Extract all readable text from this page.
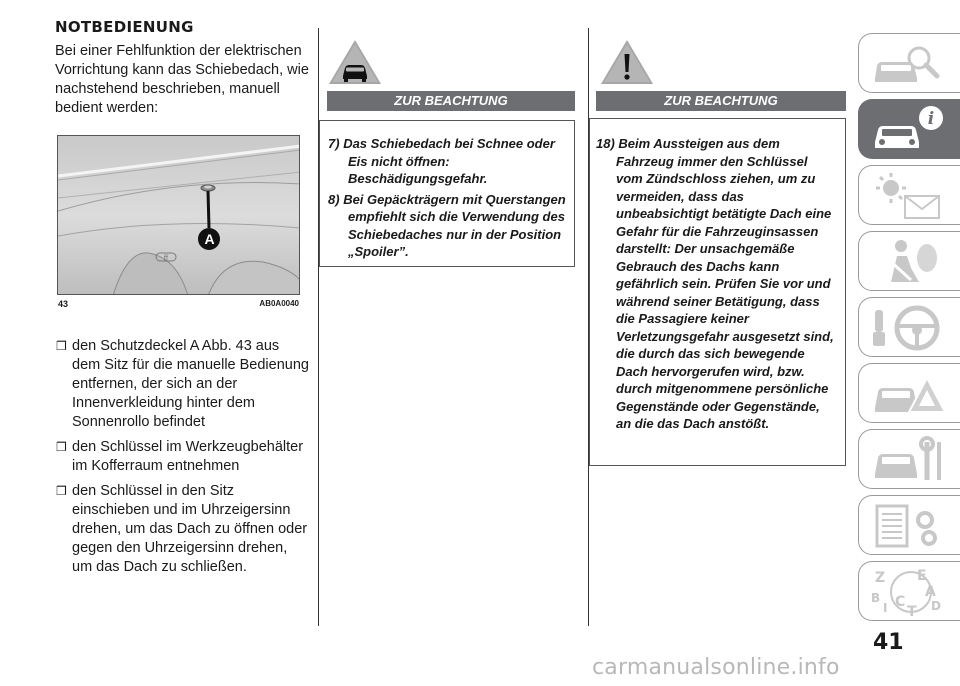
NOTBEDIENUNG
Bei einer Fehlfunktion der elektrischen Vorrichtung kann das Schiebedach, wie nachstehend beschrieben, manuell bedient werden:
ƒƒ
A
43	AB0A0040
❒ den Schutzdeckel A Abb. 43 aus dem Sitz für die manuelle Bedienung entfernen, der sich an der Innenverkleidung hinter dem Sonnenrollo befindet
❒ den Schlüssel im Werkzeugbehälter im Kofferraum entnehmen
❒ den Schlüssel in den Sitz einschieben und im Uhrzeigersinn drehen, um das Dach zu öffnen oder gegen den Uhrzeigersinn drehen, um das Dach zu schließen.
ZUR BEACHTUNG

7) Das Schiebedach bei Schnee oder Eis nicht öffnen: Beschädigungsgefahr.

8) Bei Gepäckträgern mit Querstangen empfiehlt sich die Verwendung des Schiebedaches nur in der Position „Spoiler”.

ZUR BEACHTUNG

18) Beim Aussteigen aus dem Fahrzeug immer den Schlüssel vom Zündschloss ziehen, um zu vermeiden, dass das unbeabsichtigt betätigte Dach eine Gefahr für die Fahrzeuginsassen darstellt: Der unsachgemäße Gebrauch des Dachs kann gefährlich sein. Prüfen Sie vor und während seiner Betätigung, dass die Passagiere keiner Verletzungsgefahr ausgesetzt sind, die durch das sich bewegende Dach hervorgerufen wird, bzw. durch mitgenommene persönliche Gegenstände oder Gegenstände, an die das Dach anstößt.

i
Z E
A
B
I C
T D
41
carmanualsonline.info
